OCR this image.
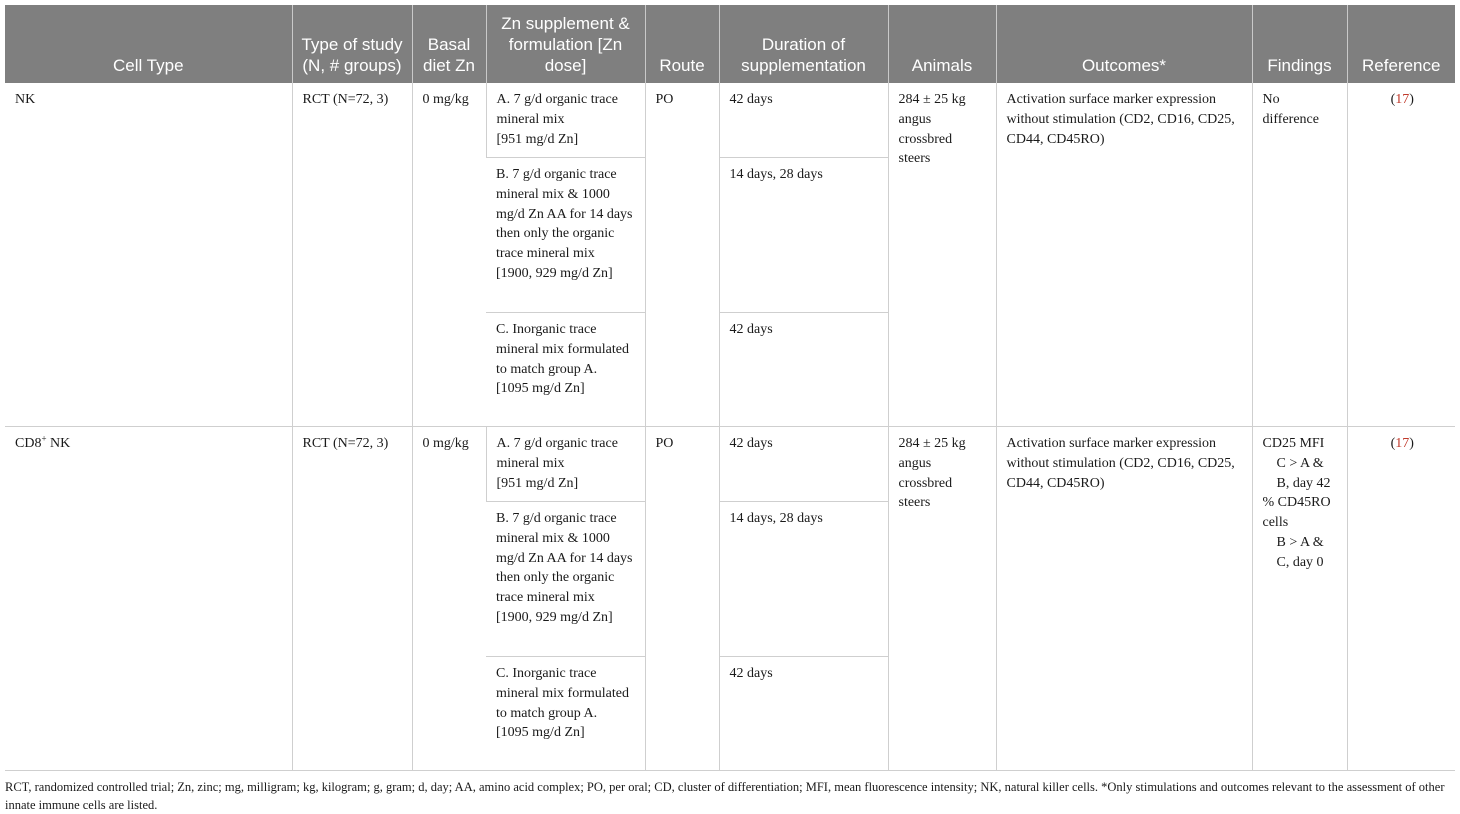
Cell Type	Type of study (N, # groups)	Basal diet Zn	Zn supplement & formulation [Zn dose]	Route	Duration of supplementation	Animals	Outcomes*	Findings	Reference
NK	RCT (N=72, 3)	0 mg/kg	A. 7 g/d organic trace mineral mix
[951 mg/d Zn]	PO	42 days	284 ± 25 kg angus crossbred steers	Activation surface marker expression without stimulation (CD2, CD16, CD25, CD44, CD45RO)	No difference	(17)

			B. 7 g/d organic trace mineral mix & 1000 mg/d Zn AA for 14 days then only the organic trace mineral mix
[1900, 929 mg/d Zn]		14 days, 28 days				

			C. Inorganic trace mineral mix formulated to match group A.
[1095 mg/d Zn]		42 days				
CD8+ NK	RCT (N=72, 3)	0 mg/kg	A. 7 g/d organic trace mineral mix
[951 mg/d Zn]	PO	42 days	284 ± 25 kg angus crossbred steers	Activation surface marker expression without stimulation (CD2, CD16, CD25, CD44, CD45RO)	CD25 MFI
C > A & B, day 42
% CD45RO cells
B > A & C, day 0	(17)

			B. 7 g/d organic trace mineral mix & 1000 mg/d Zn AA for 14 days then only the organic trace mineral mix
[1900, 929 mg/d Zn]		14 days, 28 days				

			C. Inorganic trace mineral mix formulated to match group A.
[1095 mg/d Zn]		42 days				
RCT, randomized controlled trial; Zn, zinc; mg, milligram; kg, kilogram; g, gram; d, day; AA, amino acid complex; PO, per oral; CD, cluster of differentiation; MFI, mean fluorescence intensity; NK, natural killer cells. *Only stimulations and outcomes relevant to the assessment of other innate immune cells are listed.
